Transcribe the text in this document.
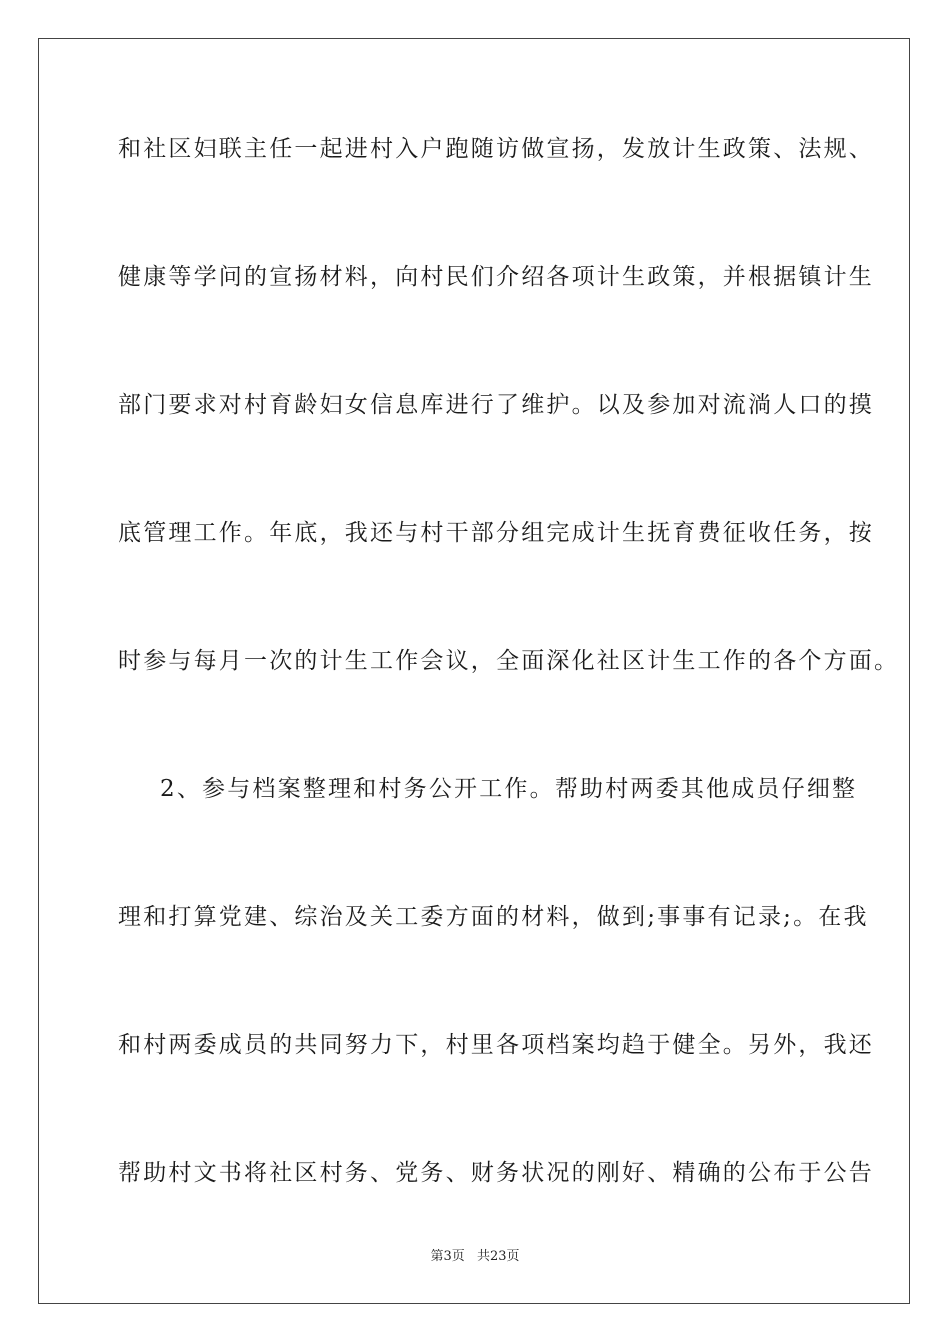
和社区妇联主任一起进村入户跑随访做宣扬，发放计生政策、法规、
健康等学问的宣扬材料，向村民们介绍各项计生政策，并根据镇计生
部门要求对村育龄妇女信息库进行了维护。以及参加对流淌人口的摸
底管理工作。年底，我还与村干部分组完成计生抚育费征收任务，按
时参与每月一次的计生工作会议，全面深化社区计生工作的各个方面。
2、参与档案整理和村务公开工作。帮助村两委其他成员仔细整
理和打算党建、综治及关工委方面的材料，做到;事事有记录;。在我
和村两委成员的共同努力下，村里各项档案均趋于健全。另外，我还
帮助村文书将社区村务、党务、财务状况的刚好、精确的公布于公告
第3页 共23页
